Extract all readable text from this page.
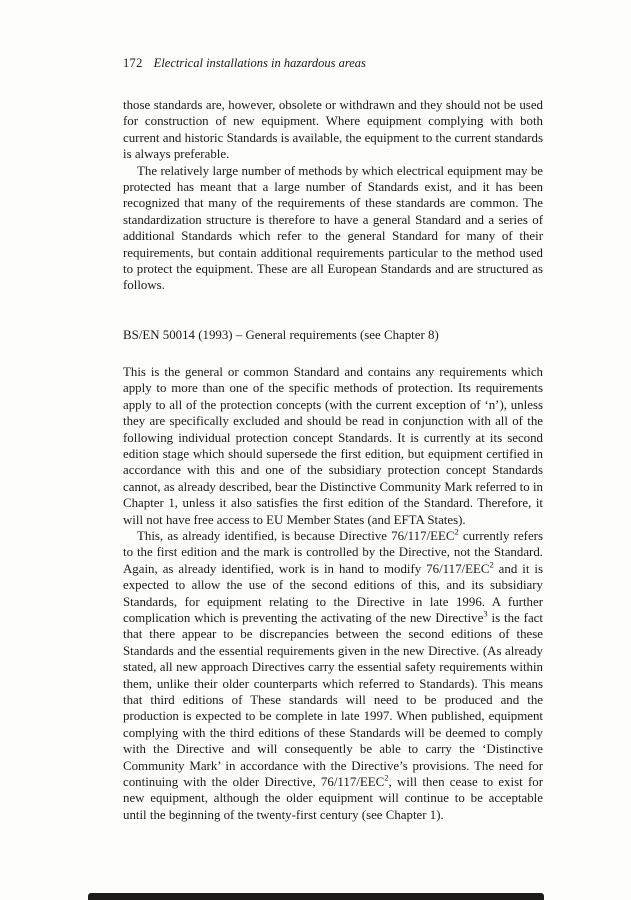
172 Electrical installations in hazardous areas

those standards are, however, obsolete or withdrawn and they should not be used for construction of new equipment. Where equipment complying with both current and historic Standards is available, the equipment to the current standards is always preferable.

The relatively large number of methods by which electrical equipment may be protected has meant that a large number of Standards exist, and it has been recognized that many of the requirements of these standards are common. The standardization structure is therefore to have a general Standard and a series of additional Standards which refer to the general Standard for many of their requirements, but contain additional requirements particular to the method used to protect the equipment. These are all European Standards and are structured as follows.

BS/EN 50014 (1993) – General requirements (see Chapter 8)

This is the general or common Standard and contains any requirements which apply to more than one of the specific methods of protection. Its requirements apply to all of the protection concepts (with the current exception of ‘n’), unless they are specifically excluded and should be read in conjunction with all of the following individual protection concept Standards. It is currently at its second edition stage which should supersede the first edition, but equipment certified in accordance with this and one of the subsidiary protection concept Standards cannot, as already described, bear the Distinctive Community Mark referred to in Chapter 1, unless it also satisfies the first edition of the Standard. Therefore, it will not have free access to EU Member States (and EFTA States).

This, as already identified, is because Directive 76/117/EEC$^2$ currently refers to the first edition and the mark is controlled by the Directive, not the Standard. Again, as already identified, work is in hand to modify 76/117/EEC$^2$ and it is expected to allow the use of the second editions of this, and its subsidiary Standards, for equipment relating to the Directive in late 1996. A further complication which is preventing the activating of the new Directive$^3$ is the fact that there appear to be discrepancies between the second editions of these Standards and the essential requirements given in the new Directive. (As already stated, all new approach Directives carry the essential safety requirements within them, unlike their older counterparts which referred to Standards). This means that third editions of These standards will need to be produced and the production is expected to be complete in late 1997. When published, equipment complying with the third editions of these Standards will be deemed to comply with the Directive and will consequently be able to carry the ‘Distinctive Community Mark’ in accordance with the Directive’s provisions. The need for continuing with the older Directive, 76/117/EEC$^2$, will then cease to exist for new equipment, although the older equipment will continue to be acceptable until the beginning of the twenty-first century (see Chapter 1).
